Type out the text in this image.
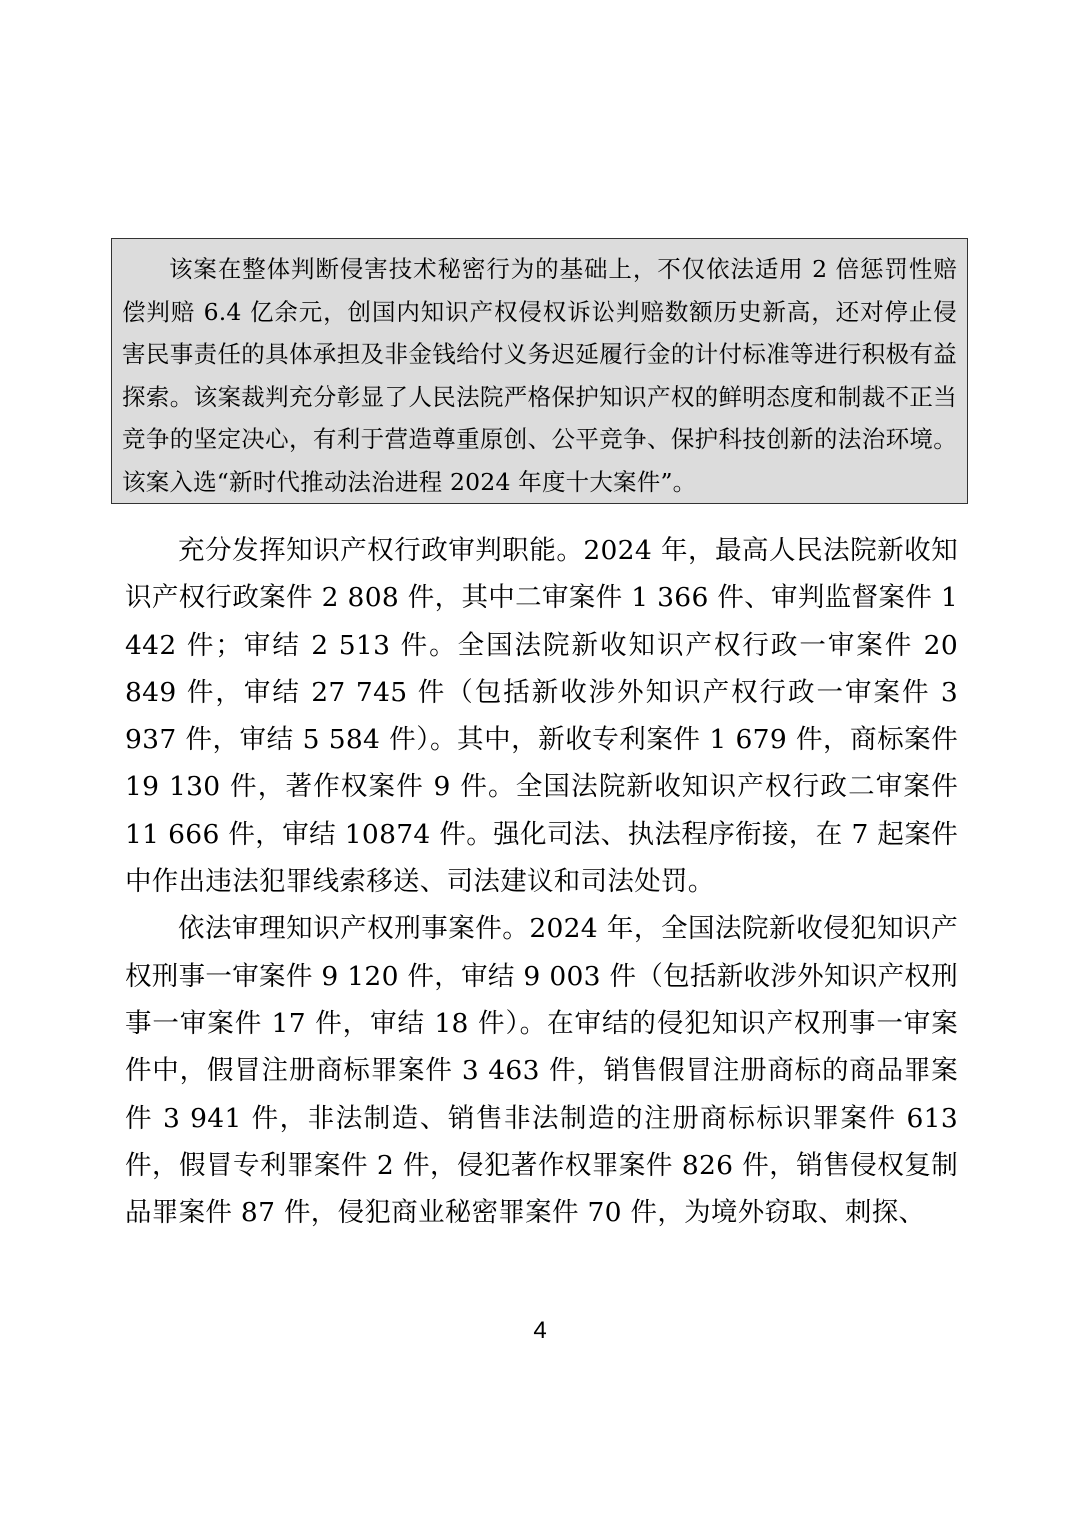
该案在整体判断侵害技术秘密行为的基础上，不仅依法适用 2 倍惩罚性赔偿判赔 6.4 亿余元，创国内知识产权侵权诉讼判赔数额历史新高，还对停止侵害民事责任的具体承担及非金钱给付义务迟延履行金的计付标准等进行积极有益探索。该案裁判充分彰显了人民法院严格保护知识产权的鲜明态度和制裁不正当竞争的坚定决心，有利于营造尊重原创、公平竞争、保护科技创新的法治环境。该案入选“新时代推动法治进程 2024 年度十大案件”。

充分发挥知识产权行政审判职能。2024 年，最高人民法院新收知识产权行政案件 2 808 件，其中二审案件 1 366 件、审判监督案件 1 442 件；审结 2 513 件。全国法院新收知识产权行政一审案件 20 849 件，审结 27 745 件（包括新收涉外知识产权行政一审案件 3 937 件，审结 5 584 件）。其中，新收专利案件 1 679 件，商标案件 19 130 件，著作权案件 9 件。全国法院新收知识产权行政二审案件 11 666 件，审结 10874 件。强化司法、执法程序衔接，在 7 起案件中作出违法犯罪线索移送、司法建议和司法处罚。

依法审理知识产权刑事案件。2024 年，全国法院新收侵犯知识产权刑事一审案件 9 120 件，审结 9 003 件（包括新收涉外知识产权刑事一审案件 17 件，审结 18 件）。在审结的侵犯知识产权刑事一审案件中，假冒注册商标罪案件 3 463 件，销售假冒注册商标的商品罪案件 3 941 件，非法制造、销售非法制造的注册商标标识罪案件 613 件，假冒专利罪案件 2 件，侵犯著作权罪案件 826 件，销售侵权复制品罪案件 87 件，侵犯商业秘密罪案件 70 件，为境外窃取、刺探、

4
